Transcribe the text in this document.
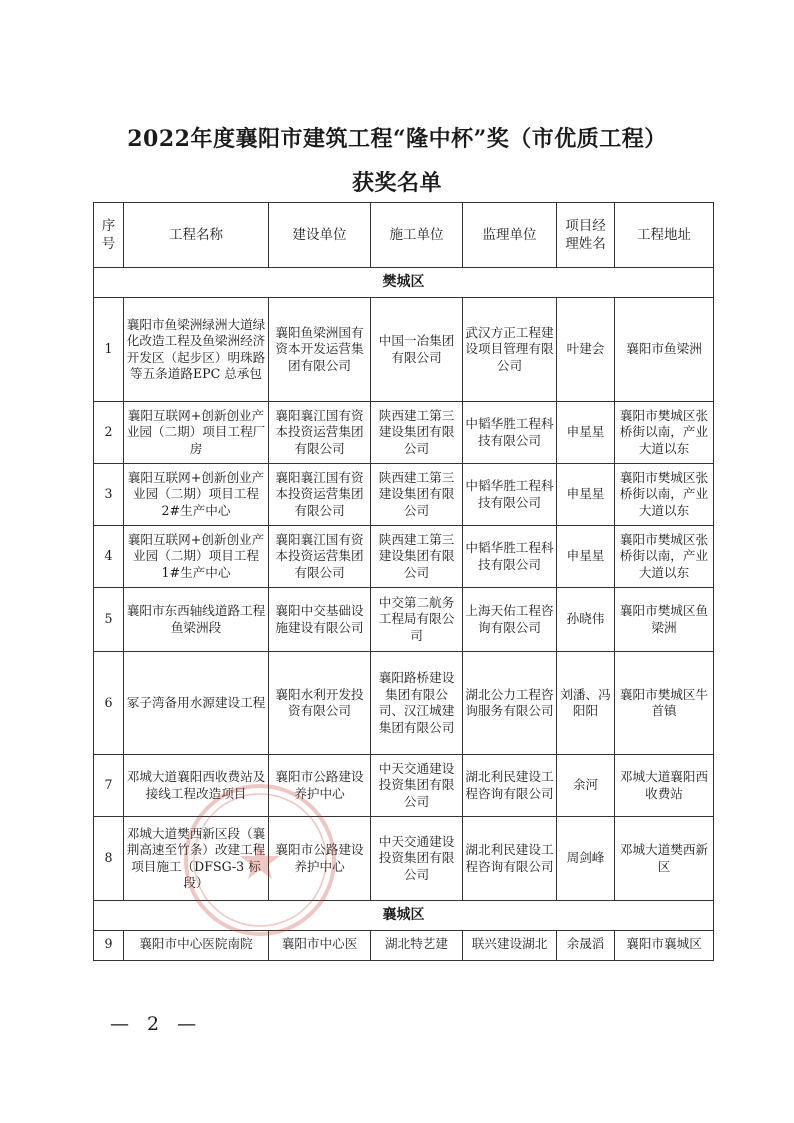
2022年度襄阳市建筑工程“隆中杯”奖（市优质工程）
获奖名单
序号	工程名称	建设单位	施工单位	监理单位	项目经理姓名	工程地址
樊城区						
1	襄阳市鱼梁洲绿洲大道绿化改造工程及鱼梁洲经济开发区（起步区）明珠路等五条道路EPC 总承包	襄阳鱼梁洲国有资本开发运营集团有限公司	中国一冶集团有限公司	武汉方正工程建设项目管理有限公司	叶建会	襄阳市鱼梁洲
2	襄阳互联网+创新创业产业园（二期）项目工程厂房	襄阳襄江国有资本投资运营集团有限公司	陕西建工第三建设集团有限公司	中韬华胜工程科技有限公司	申星星	襄阳市樊城区张桥街以南，产业大道以东
3	襄阳互联网+创新创业产业园（二期）项目工程 2#生产中心	襄阳襄江国有资本投资运营集团有限公司	陕西建工第三建设集团有限公司	中韬华胜工程科技有限公司	申星星	襄阳市樊城区张桥街以南，产业大道以东
4	襄阳互联网+创新创业产业园（二期）项目工程 1#生产中心	襄阳襄江国有资本投资运营集团有限公司	陕西建工第三建设集团有限公司	中韬华胜工程科技有限公司	申星星	襄阳市樊城区张桥街以南，产业大道以东
5	襄阳市东西轴线道路工程鱼梁洲段	襄阳中交基础设施建设有限公司	中交第二航务工程局有限公司	上海天佑工程咨询有限公司	孙晓伟	襄阳市樊城区鱼梁洲
6	冢子湾备用水源建设工程	襄阳水利开发投资有限公司	襄阳路桥建设集团有限公司、汉江城建集团有限公司	湖北公力工程咨询服务有限公司	刘潘、冯阳阳	襄阳市樊城区牛首镇
7	邓城大道襄阳西收费站及接线工程改造项目	襄阳市公路建设养护中心	中天交通建设投资集团有限公司	湖北利民建设工程咨询有限公司	余河	邓城大道襄阳西收费站
8	邓城大道樊西新区段（襄荆高速至竹条）改建工程项目施工（DFSG-3 标段）	襄阳市公路建设养护中心	中天交通建设投资集团有限公司	湖北利民建设工程咨询有限公司	周剑峰	邓城大道樊西新区
襄城区						
9	襄阳市中心医院南院	襄阳市中心医	湖北特艺建	联兴建设湖北	余晟滔	襄阳市襄城区
— 2 —
